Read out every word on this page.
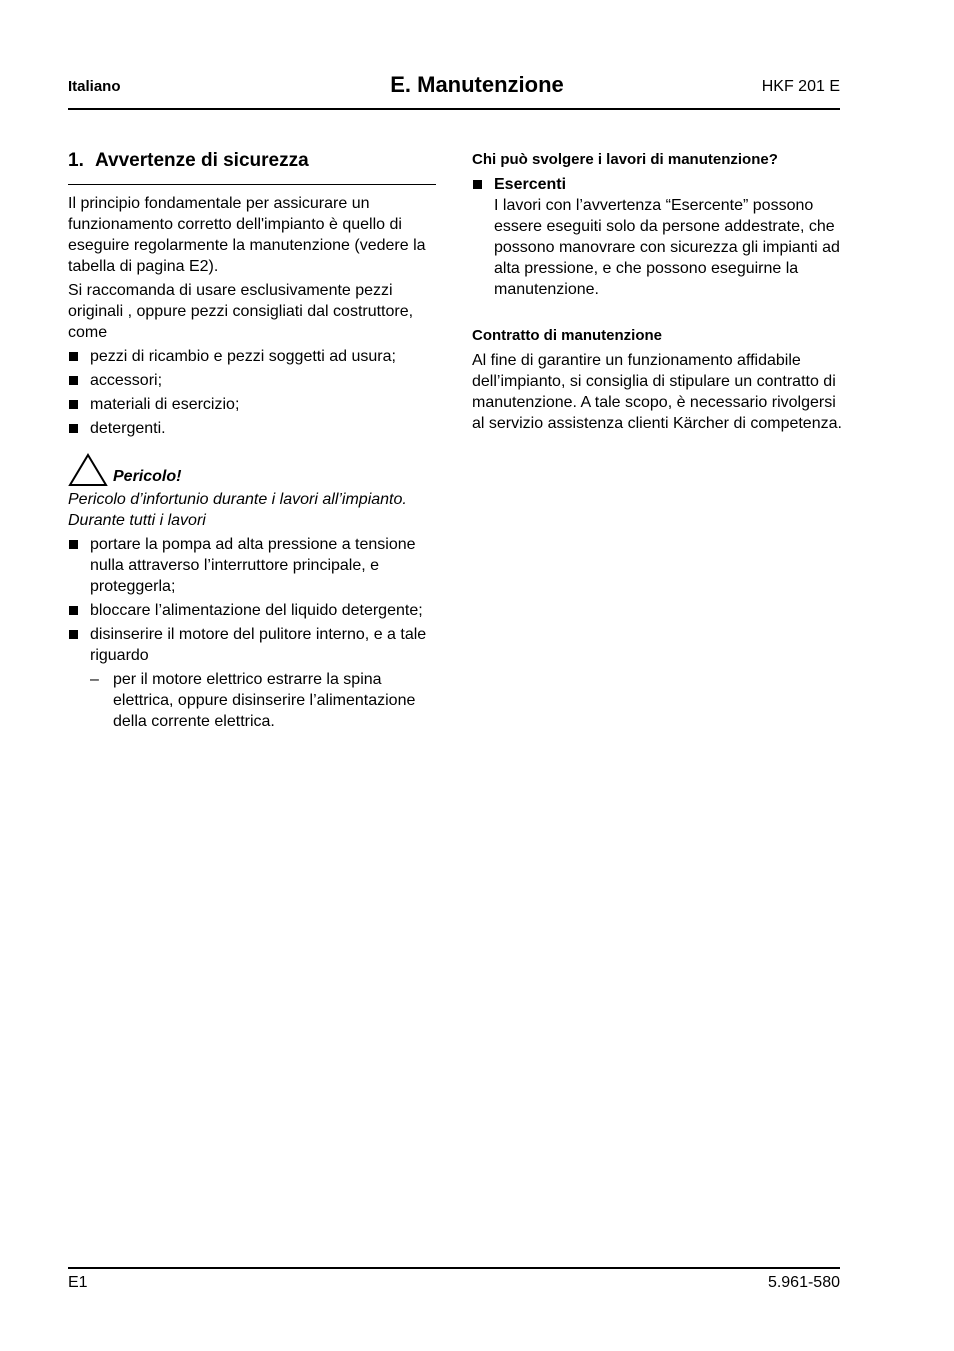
Italiano	E. Manutenzione	HKF 201 E
1. Avvertenze di sicurezza

Il principio fondamentale per assicurare un funzionamento corretto dell'impianto è quello di eseguire regolarmente la manutenzione (vedere la tabella di pagina E2).

Si raccomanda di usare esclusivamente pezzi originali , oppure pezzi consigliati dal costruttore, come

pezzi di ricambio e pezzi soggetti ad usura;
accessori;
materiali di esercizio;
detergenti.
Pericolo!

Pericolo d’infortunio durante i lavori all’impianto.

Durante tutti i lavori

portare la pompa ad alta pressione a tensione nulla attraverso l’interruttore principale, e proteggerla;
bloccare l’alimentazione del liquido detergente;
disinserire il motore del pulitore interno, e a tale riguardo
– per il motore elettrico estrarre la spina elettrica, oppure disinserire l’alimentazione della corrente elettrica.
Chi può svolgere i lavori di manutenzione?
Esercenti
I lavori con l’avvertenza “Esercente” possono essere eseguiti solo da persone addestrate, che possono manovrare con sicurezza gli impianti ad alta pressione, e che possono eseguirne la manutenzione.
Contratto di manutenzione

Al fine di garantire un funzionamento affidabile dell’impianto, si consiglia di stipulare un contratto di manutenzione. A tale scopo, è necessario rivolgersi al servizio assistenza clienti Kärcher di competenza.

E1	5.961-580
